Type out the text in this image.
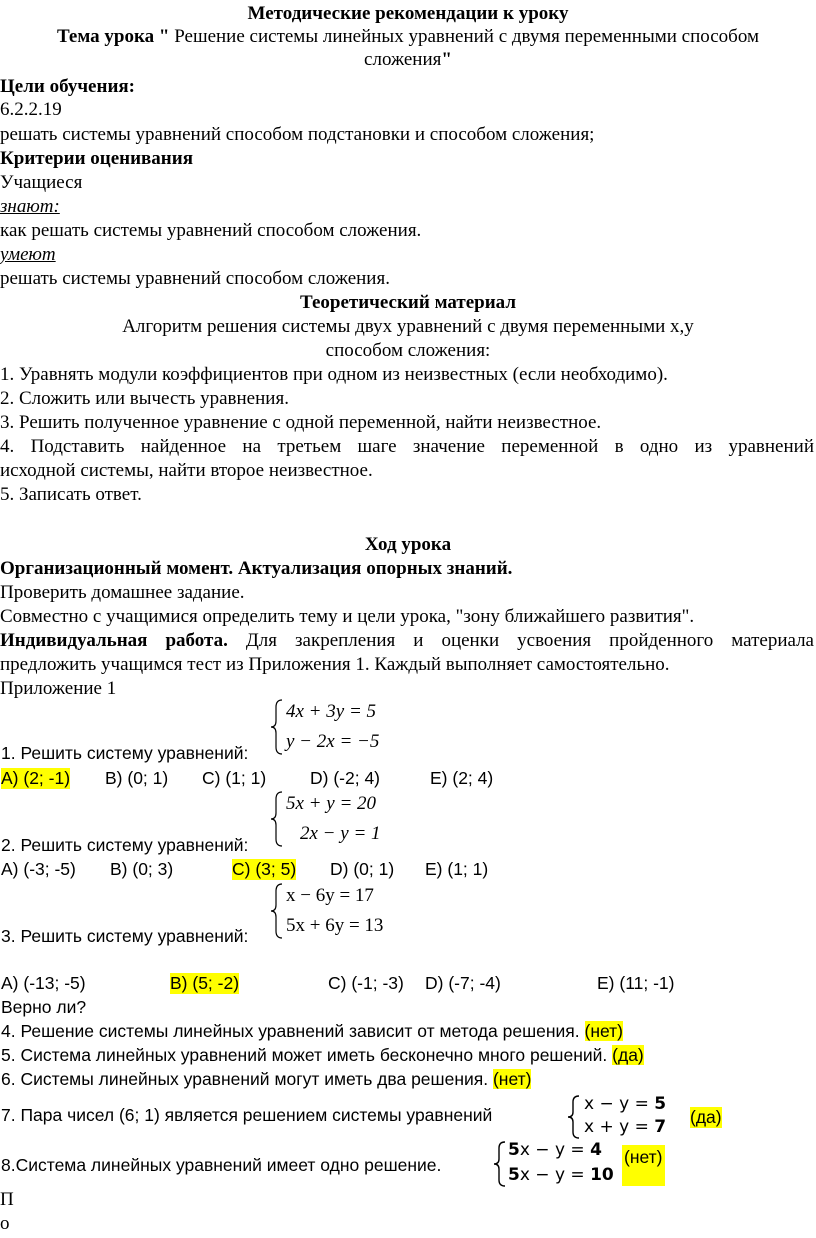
Методические рекомендации к уроку
Тема урока " Решение системы линейных уравнений с двумя переменными способом
сложения"
Цели обучения:
6.2.2.19
решать системы уравнений способом подстановки и способом сложения;
Критерии оценивания
Учащиеся
знают:
как решать системы уравнений способом сложения.
умеют
решать системы уравнений способом сложения.
Теоретический материал
Алгоритм решения системы двух уравнений с двумя переменными х,у
способом сложения:
1. Уравнять модули коэффициентов при одном из неизвестных (если необходимо).
2. Сложить или вычесть уравнения.
3. Решить полученное уравнение с одной переменной, найти неизвестное.
4. Подставить найденное на третьем шаге значение переменной в одно из уравнений
исходной системы, найти второе неизвестное.
5. Записать ответ.
Ход урока
Организационный момент. Актуализация опорных знаний.
Проверить домашнее задание.
Совместно с учащимися определить тему и цели урока, "зону ближайшего развития".
Индивидуальная работа. Для закрепления и оценки усвоения пройденного материала
предложить учащимся тест из Приложения 1. Каждый выполняет самостоятельно.
Приложение 1
4x + 3y = 5
y − 2x = −5
1. Решить систему уравнений:
А) (2; -1) В) (0; 1) С) (1; 1)	D) (-2; 4)	Е) (2; 4)
5x + y = 20
2x − y = 1
2. Решить систему уравнений:
А) (-3; -5) В) (0; 3)	С) (3; 5) D) (0; 1) Е) (1; 1)
x − 6y = 17
5x + 6y = 13
3. Решить систему уравнений:
А) (-13; -5)	В) (5; -2)	С) (-1; -3) D) (-7; -4)	Е) (11; -1)
Верно ли?
4. Решение системы линейных уравнений зависит от метода решения. (нет)
5. Система линейных уравнений может иметь бесконечно много решений. (да)
6. Системы линейных уравнений могут иметь два решения. (нет)
7. Пара чисел (6; 1) является решением системы уравнений
x − y = 5
x + y = 7 (да)
8.Система линейных уравнений имеет одно решение.
5x − y = 4
5x − y = 10
(нет)
П
о
